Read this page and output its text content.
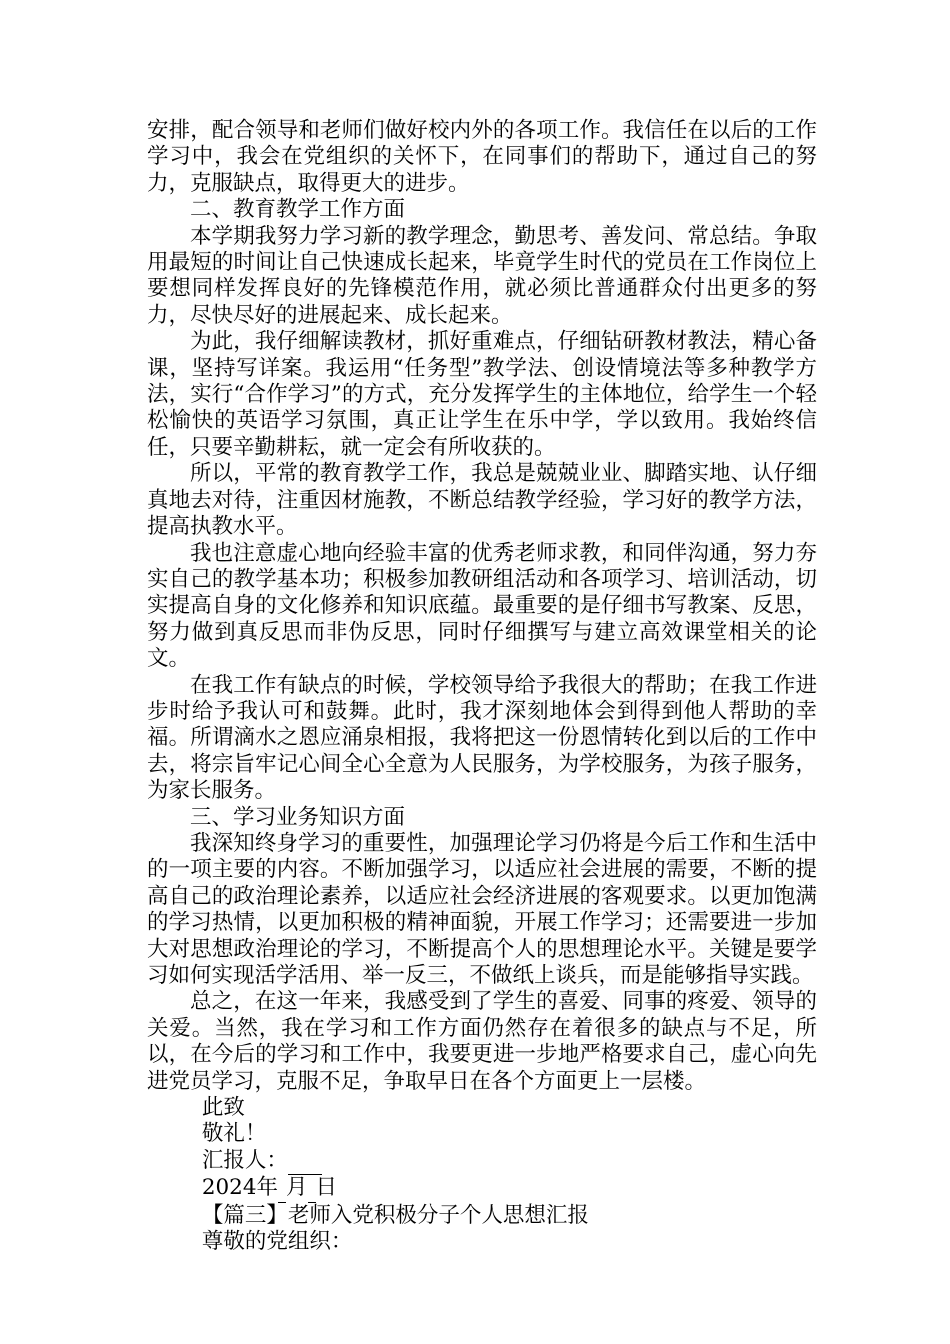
安排，配合领导和老师们做好校内外的各项工作。我信任在以后的工作学习中，我会在党组织的关怀下，在同事们的帮助下，通过自己的努力，克服缺点，取得更大的进步。

二、教育教学工作方面

本学期我努力学习新的教学理念，勤思考、善发问、常总结。争取用最短的时间让自己快速成长起来，毕竟学生时代的党员在工作岗位上要想同样发挥良好的先锋模范作用，就必须比普通群众付出更多的努力，尽快尽好的进展起来、成长起来。

为此，我仔细解读教材，抓好重难点，仔细钻研教材教法，精心备课，坚持写详案。我运用“任务型”教学法、创设情境法等多种教学方法，实行“合作学习”的方式，充分发挥学生的主体地位，给学生一个轻松愉快的英语学习氛围，真正让学生在乐中学，学以致用。我始终信任，只要辛勤耕耘，就一定会有所收获的。

所以，平常的教育教学工作，我总是兢兢业业、脚踏实地、认仔细真地去对待，注重因材施教，不断总结教学经验，学习好的教学方法，提高执教水平。

我也注意虚心地向经验丰富的优秀老师求教，和同伴沟通，努力夯实自己的教学基本功；积极参加教研组活动和各项学习、培训活动，切实提高自身的文化修养和知识底蕴。最重要的是仔细书写教案、反思，努力做到真反思而非伪反思，同时仔细撰写与建立高效课堂相关的论文。

在我工作有缺点的时候，学校领导给予我很大的帮助；在我工作进步时给予我认可和鼓舞。此时，我才深刻地体会到得到他人帮助的幸福。所谓滴水之恩应涌泉相报，我将把这一份恩情转化到以后的工作中去，将宗旨牢记心间全心全意为人民服务，为学校服务，为孩子服务，为家长服务。

三、学习业务知识方面

我深知终身学习的重要性，加强理论学习仍将是今后工作和生活中的一项主要的内容。不断加强学习，以适应社会进展的需要，不断的提高自己的政治理论素养，以适应社会经济进展的客观要求。以更加饱满的学习热情，以更加积极的精神面貌，开展工作学习；还需要进一步加大对思想政治理论的学习，不断提高个人的思想理论水平。关键是要学习如何实现活学活用、举一反三，不做纸上谈兵，而是能够指导实践。

总之，在这一年来，我感受到了学生的喜爱、同事的疼爱、领导的关爱。当然，我在学习和工作方面仍然存在着很多的缺点与不足，所以，在今后的学习和工作中，我要更进一步地严格要求自己，虚心向先进党员学习，克服不足，争取早日在各个方面更上一层楼。

此致

敬礼！

汇报人：

2024年 月 日

【篇三】老师入党积极分子个人思想汇报

尊敬的党组织：
